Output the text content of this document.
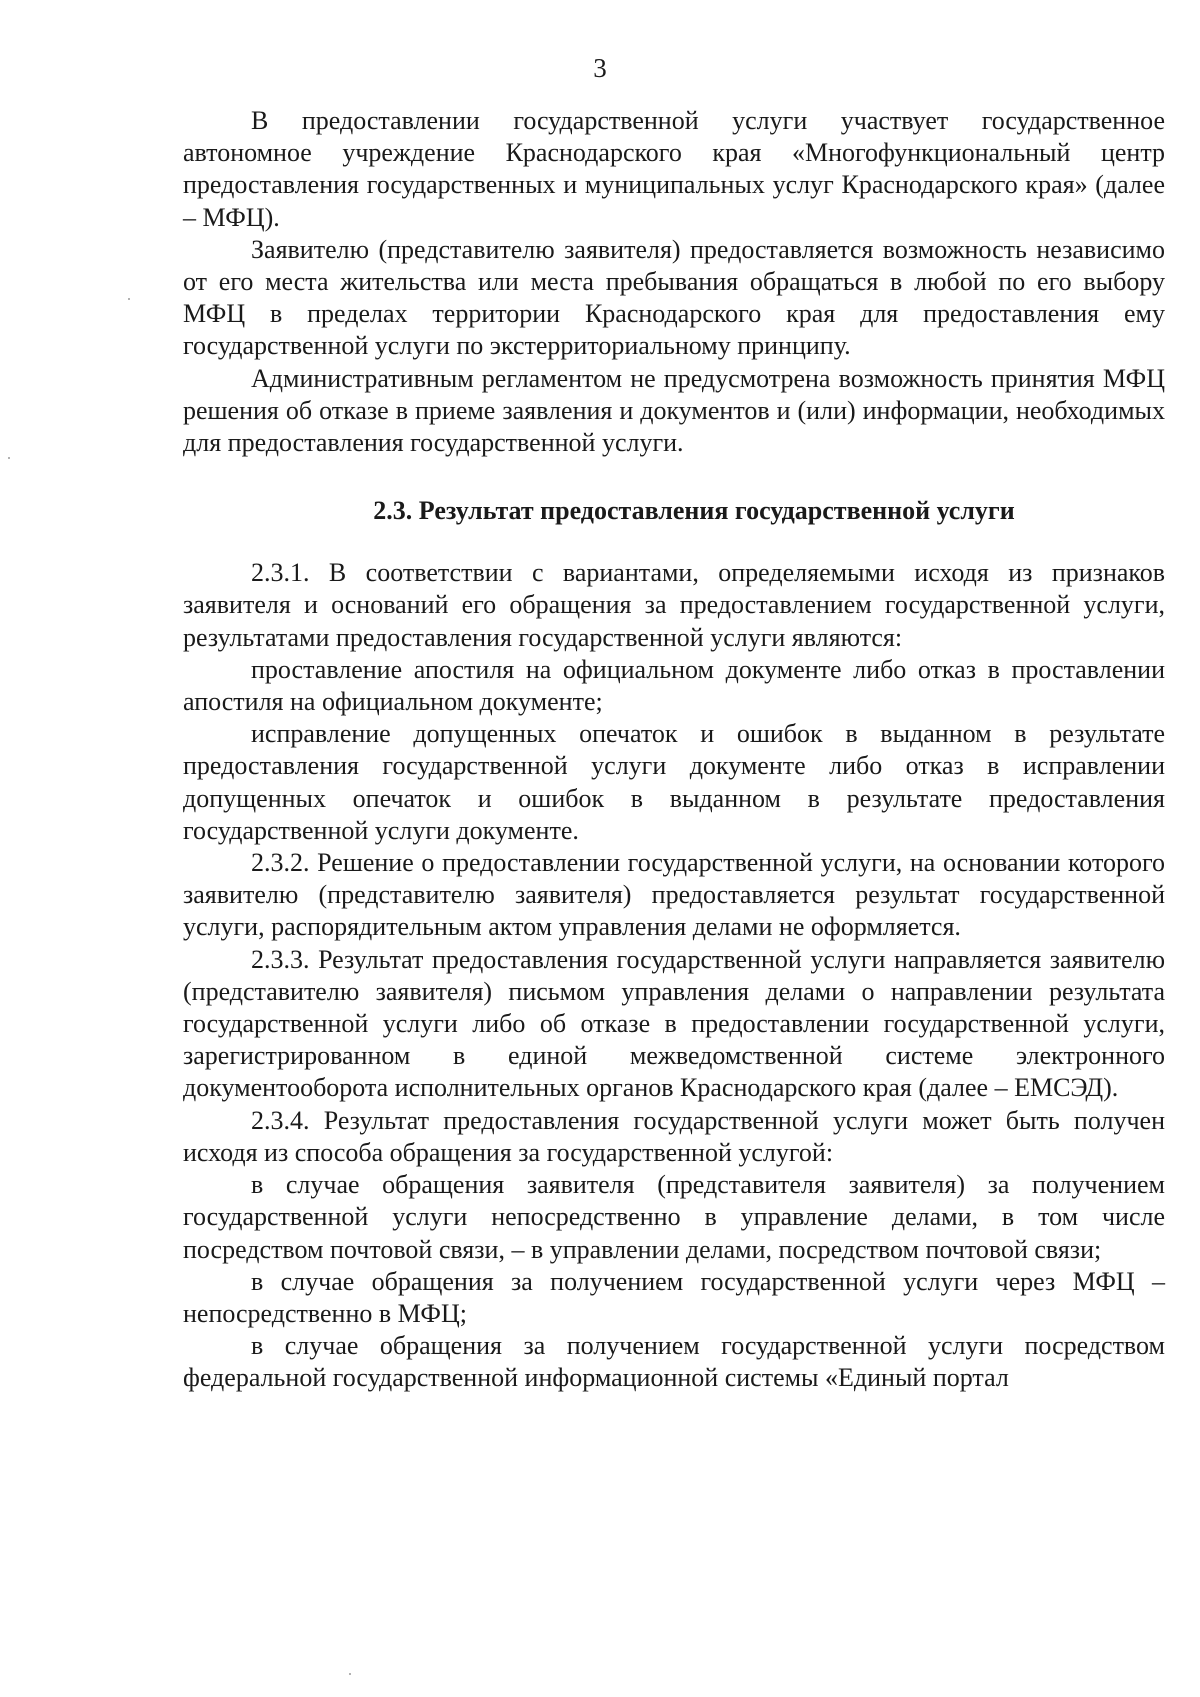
3

В предоставлении государственной услуги участвует государственное автономное учреждение Краснодарского края «Многофункциональный центр предоставления государственных и муниципальных услуг Краснодарского края» (далее – МФЦ).

Заявителю (представителю заявителя) предоставляется возможность независимо от его места жительства или места пребывания обращаться в любой по его выбору МФЦ в пределах территории Краснодарского края для предоставления ему государственной услуги по экстерриториальному принципу.

Административным регламентом не предусмотрена возможность принятия МФЦ решения об отказе в приеме заявления и документов и (или) информации, необходимых для предоставления государственной услуги.

2.3. Результат предоставления государственной услуги

2.3.1. В соответствии с вариантами, определяемыми исходя из признаков заявителя и оснований его обращения за предоставлением государственной услуги, результатами предоставления государственной услуги являются:

проставление апостиля на официальном документе либо отказ в проставлении апостиля на официальном документе;

исправление допущенных опечаток и ошибок в выданном в результате предоставления государственной услуги документе либо отказ в исправлении допущенных опечаток и ошибок в выданном в результате предоставления государственной услуги документе.

2.3.2. Решение о предоставлении государственной услуги, на основании которого заявителю (представителю заявителя) предоставляется результат государственной услуги, распорядительным актом управления делами не оформляется.

2.3.3. Результат предоставления государственной услуги направляется заявителю (представителю заявителя) письмом управления делами о направлении результата государственной услуги либо об отказе в предоставлении государственной услуги, зарегистрированном в единой межведомственной системе электронного документооборота исполнительных органов Краснодарского края (далее – ЕМСЭД).

2.3.4. Результат предоставления государственной услуги может быть получен исходя из способа обращения за государственной услугой:

в случае обращения заявителя (представителя заявителя) за получением государственной услуги непосредственно в управление делами, в том числе посредством почтовой связи, – в управлении делами, посредством почтовой связи;

в случае обращения за получением государственной услуги через МФЦ – непосредственно в МФЦ;

в случае обращения за получением государственной услуги посредством федеральной государственной информационной системы «Единый портал
